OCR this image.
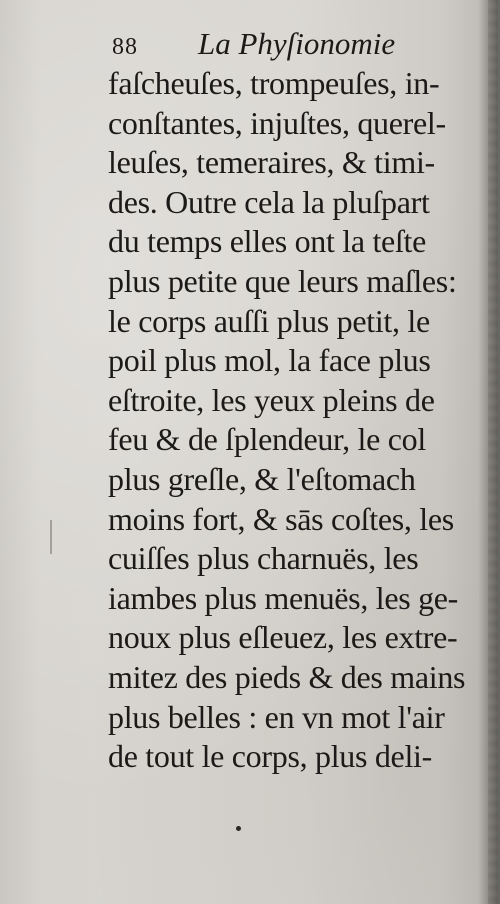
88 La Phyſionomie
faſcheuſes, trompeuſes, in-
conſtantes, injuſtes, querel-
leuſes, temeraires, & timi-
des. Outre cela la pluſpart
du temps elles ont la teſte
plus petite que leurs maſles:
le corps auſſi plus petit, le
poil plus mol, la face plus
eſtroite, les yeux pleins de
feu & de ſplendeur, le col
plus greſle, & l'eſtomach
moins fort, & sās coſtes, les
cuiſſes plus charnuës, les
iambes plus menuës, les ge-
noux plus eſleuez, les extre-
mitez des pieds & des mains
plus belles : en vn mot l'air
de tout le corps, plus deli-
